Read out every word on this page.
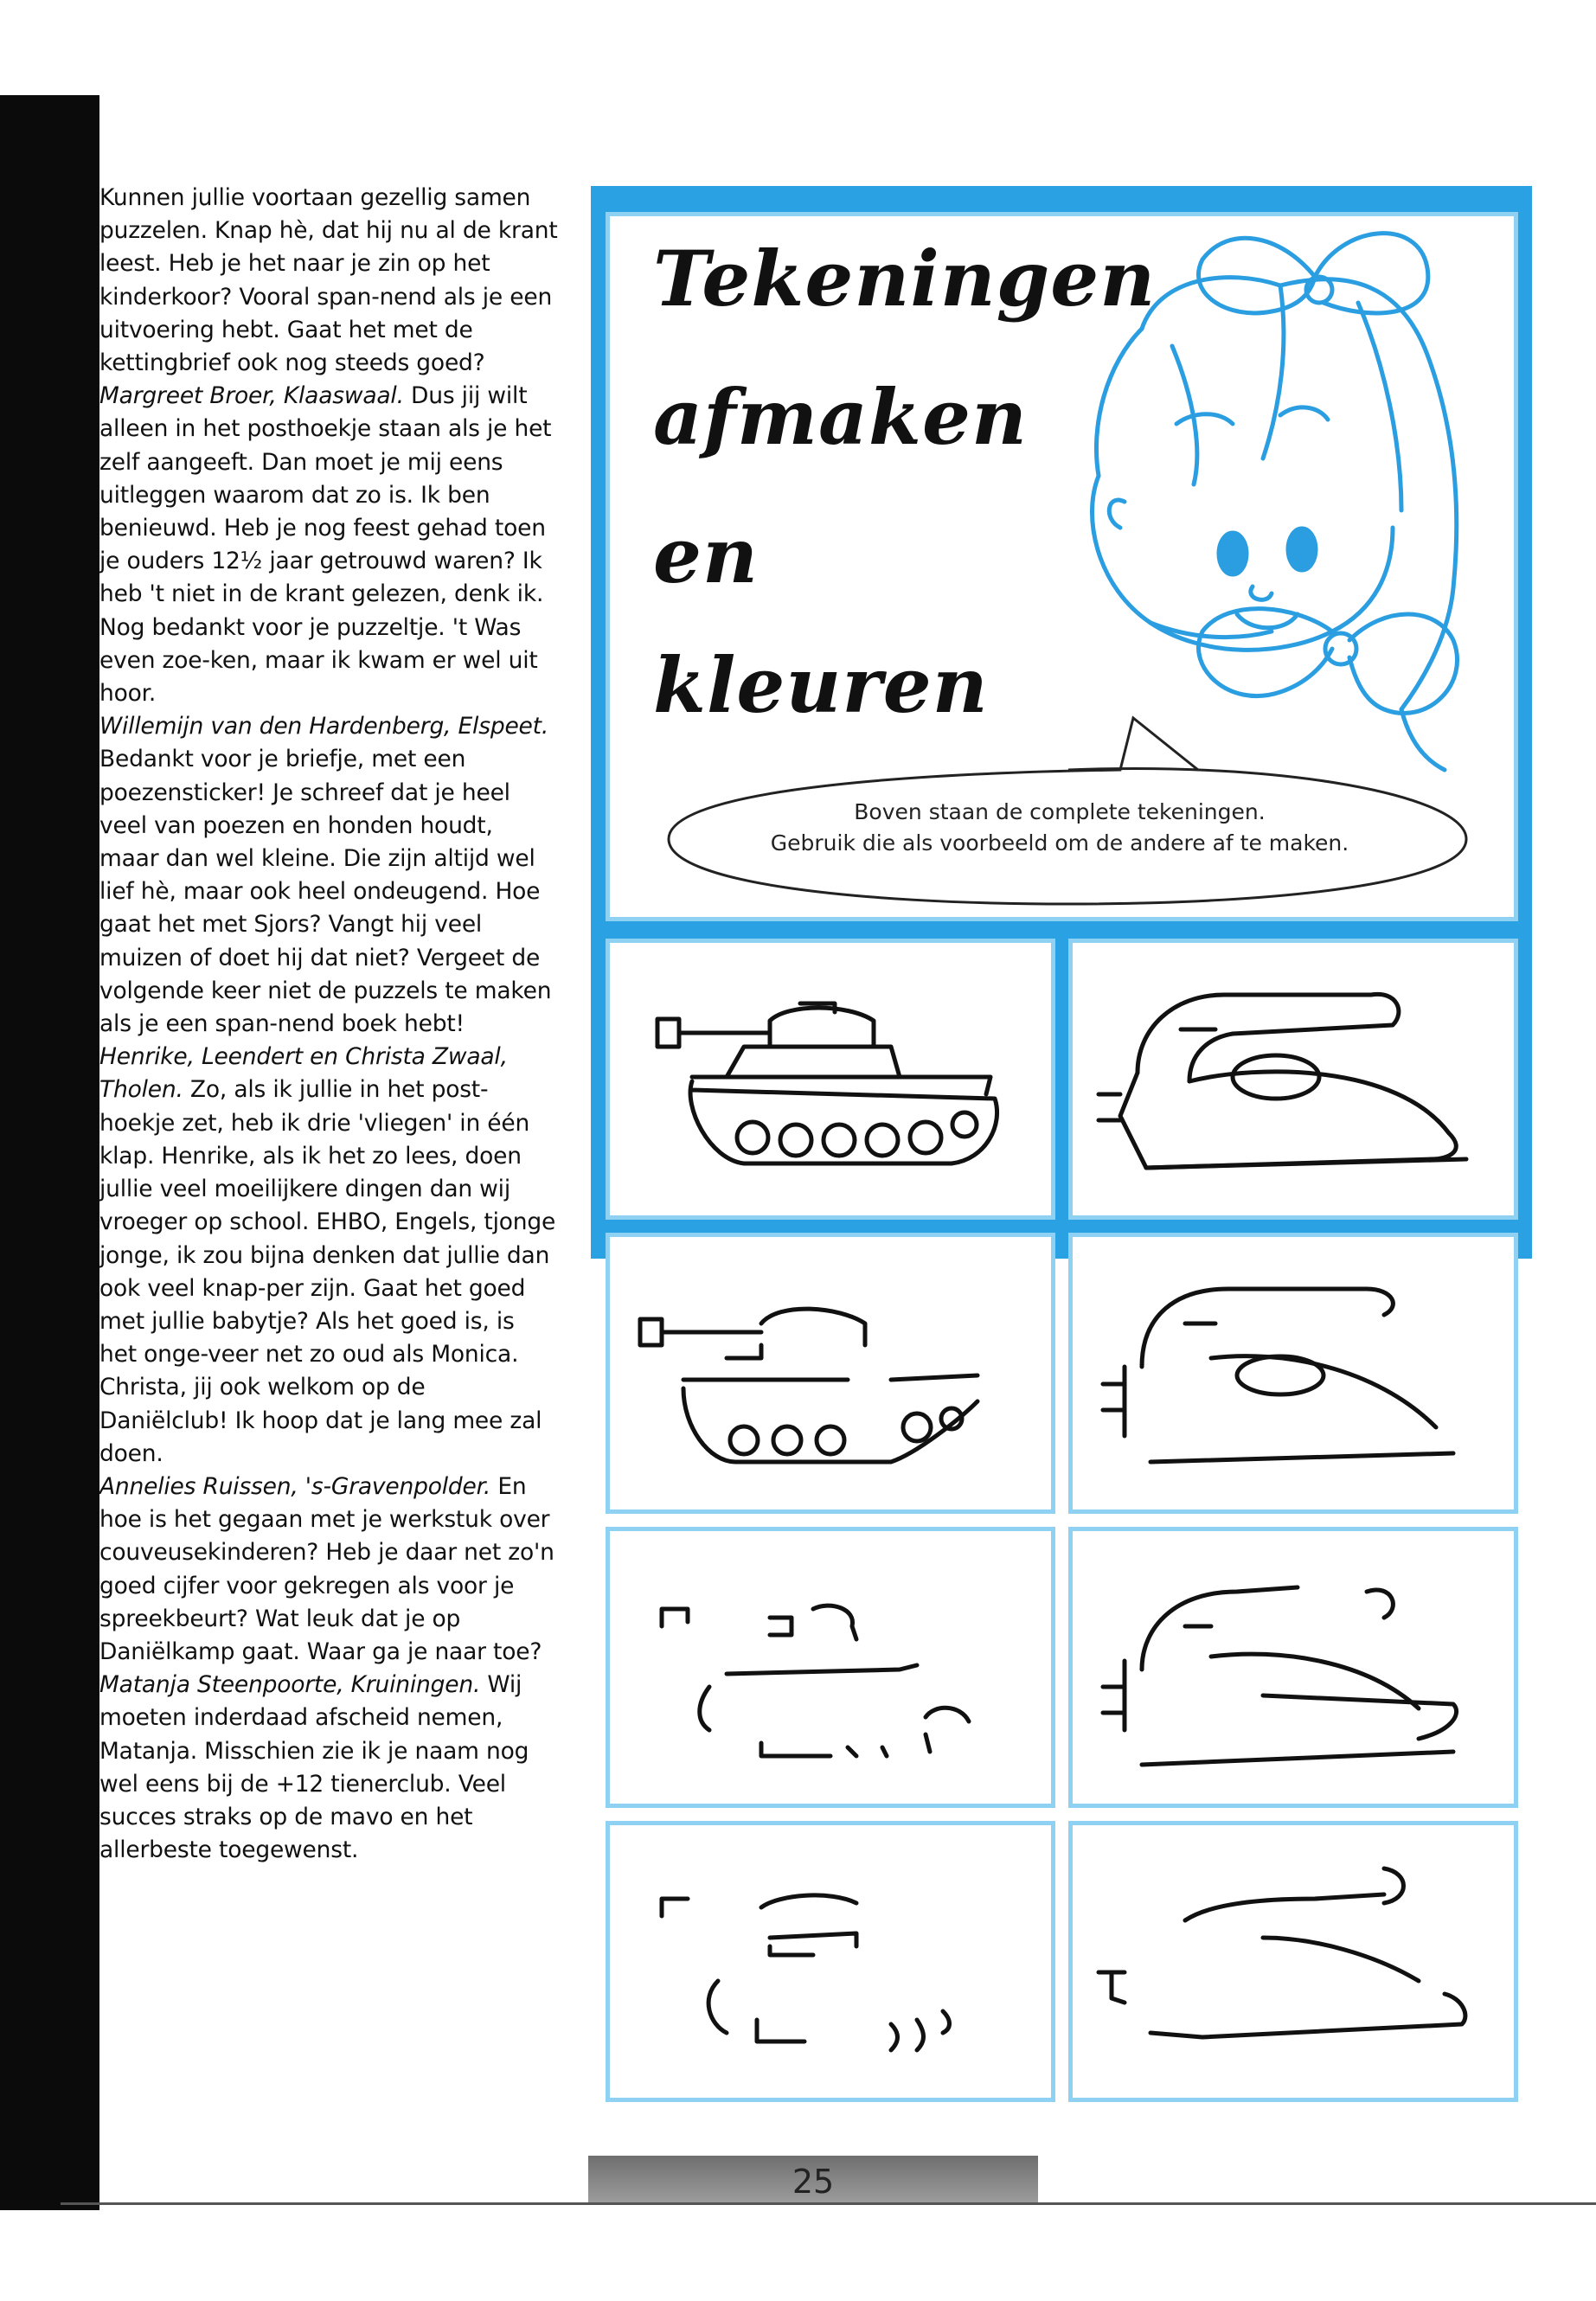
Kunnen jullie voortaan gezellig samen puzzelen. Knap hè, dat hij nu al de krant leest. Heb je het naar je zin op het kinderkoor? Vooral span-nend als je een uitvoering hebt. Gaat het met de kettingbrief ook nog steeds goed?

Margreet Broer, Klaaswaal. Dus jij wilt alleen in het posthoekje staan als je het zelf aangeeft. Dan moet je mij eens uitleggen waarom dat zo is. Ik ben benieuwd. Heb je nog feest gehad toen je ouders 12½ jaar getrouwd waren? Ik heb 't niet in de krant gelezen, denk ik. Nog bedankt voor je puzzeltje. 't Was even zoe-ken, maar ik kwam er wel uit hoor.

Willemijn van den Hardenberg, Elspeet. Bedankt voor je briefje, met een poezensticker! Je schreef dat je heel veel van poezen en honden houdt, maar dan wel kleine. Die zijn altijd wel lief hè, maar ook heel ondeugend. Hoe gaat het met Sjors? Vangt hij veel muizen of doet hij dat niet? Vergeet de volgende keer niet de puzzels te maken als je een span-nend boek hebt!

Henrike, Leendert en Christa Zwaal, Tholen. Zo, als ik jullie in het post-hoekje zet, heb ik drie 'vliegen' in één klap. Henrike, als ik het zo lees, doen jullie veel moeilijkere dingen dan wij vroeger op school. EHBO, Engels, tjonge jonge, ik zou bijna denken dat jullie dan ook veel knap-per zijn. Gaat het goed met jullie babytje? Als het goed is, is het onge-veer net zo oud als Monica. Christa, jij ook welkom op de Daniëlclub! Ik hoop dat je lang mee zal doen.

Annelies Ruissen, 's-Gravenpolder. En hoe is het gegaan met je werkstuk over couveusekinderen? Heb je daar net zo'n goed cijfer voor gekregen als voor je spreekbeurt? Wat leuk dat je op Daniëlkamp gaat. Waar ga je naar toe?

Matanja Steenpoorte, Kruiningen. Wij moeten inderdaad afscheid nemen, Matanja. Misschien zie ik je naam nog wel eens bij de +12 tienerclub. Veel succes straks op de mavo en het allerbeste toegewenst.

Tekeningen
afmaken
en
kleuren
Boven staan de complete tekeningen.
Gebruik die als voorbeeld om de andere af te maken.
25
